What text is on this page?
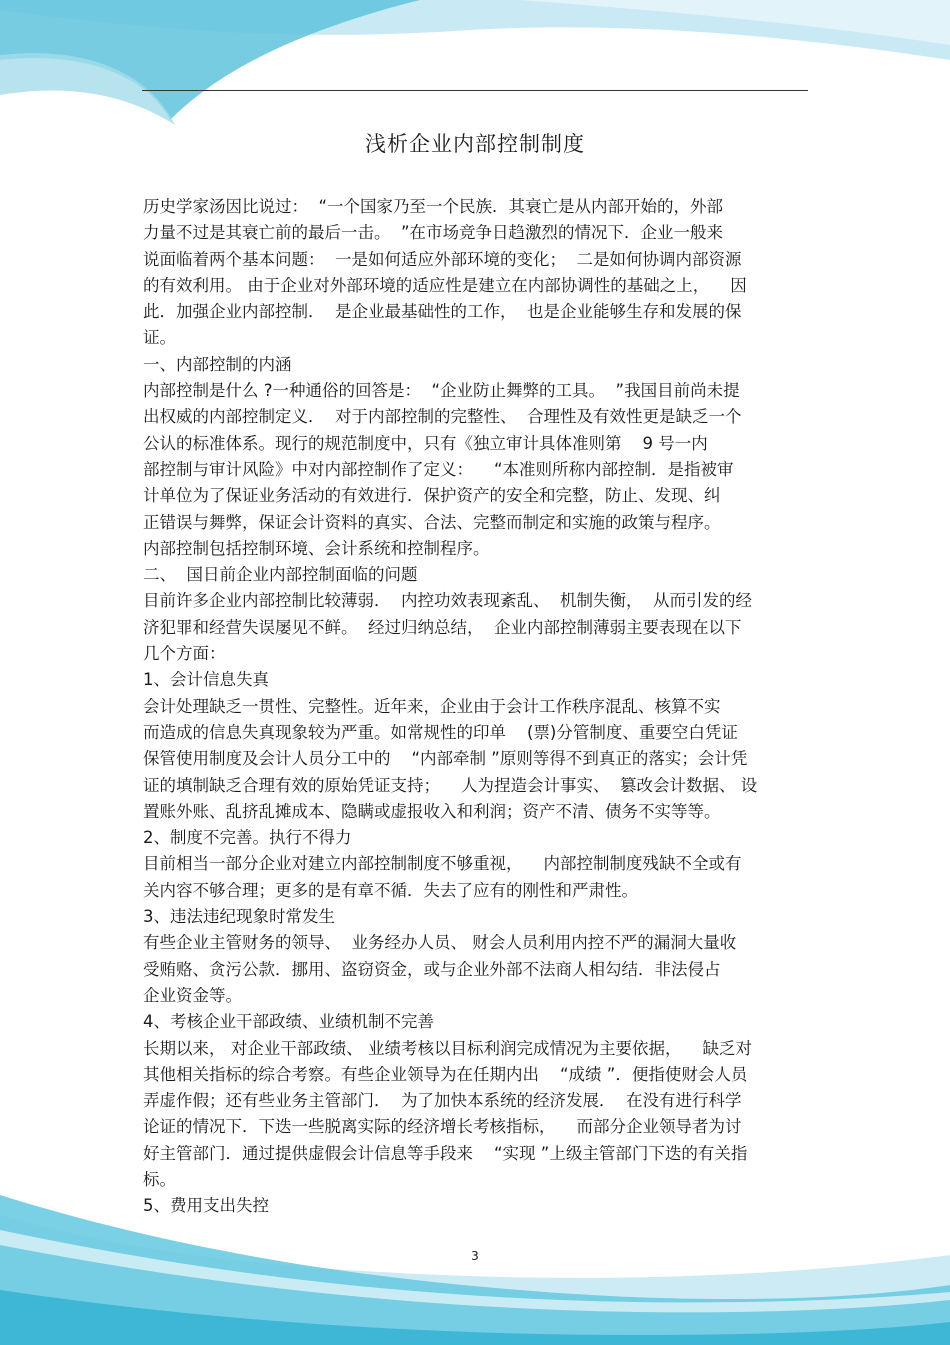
浅析企业内部控制制度
历史学家汤因比说过：  “一个国家乃至一个民族．其衰亡是从内部开始的，外部
力量不过是其衰亡前的最后一击。  ”在市场竞争日趋激烈的情况下．企业一般来
说面临着两个基本问题：  一是如何适应外部环境的变化；  二是如何协调内部资源
的有效利用。 由于企业对外部环境的适应性是建立在内部协调性的基础之上，    因
此．加强企业内部控制．  是企业最基础性的工作，  也是企业能够生存和发展的保
证。
一、内部控制的内涵
内部控制是什么 ?一种通俗的回答是：  “企业防止舞弊的工具。  ”我国目前尚未提
出权威的内部控制定义．  对于内部控制的完整性、  合理性及有效性更是缺乏一个
公认的标准体系。现行的规范制度中，只有《独立审计具体准则第    9 号一内
部控制与审计风险》中对内部控制作了定义：    “本准则所称内部控制．是指被审
计单位为了保证业务活动的有效进行．保护资产的安全和完整，防止、发现、纠
正错误与舞弊，保证会计资料的真实、合法、完整而制定和实施的政策与程序。
内部控制包括控制环境、会计系统和控制程序。
二、  国日前企业内部控制面临的问题
目前许多企业内部控制比较薄弱．  内控功效表现紊乱、  机制失衡，  从而引发的经
济犯罪和经营失误屡见不鲜。  经过归纳总结，  企业内部控制薄弱主要表现在以下
几个方面：
1、会计信息失真
会计处理缺乏一贯性、完整性。近年来，企业由于会计工作秩序混乱、核算不实
而造成的信息失真现象较为严重。如常规性的印单    (票)分管制度、重要空白凭证
保管使用制度及会计人员分工中的    “内部牵制 ”原则等得不到真正的落实；会计凭
证的填制缺乏合理有效的原始凭证支持；    人为捏造会计事实、  篡改会计数据、 设
置账外账、乱挤乱摊成本、隐瞒或虚报收入和利润；资产不清、债务不实等等。
2、制度不完善。执行不得力
目前相当一部分企业对建立内部控制制度不够重视，    内部控制制度残缺不全或有
关内容不够合理；更多的是有章不循．失去了应有的刚性和严肃性。
3、违法违纪现象时常发生
有些企业主管财务的领导、  业务经办人员、 财会人员利用内控不严的漏洞大量收
受贿赂、贪污公款．挪用、盗窃资金，或与企业外部不法商人相勾结．非法侵占
企业资金等。
4、考核企业干部政绩、业绩机制不完善
长期以来， 对企业干部政绩、 业绩考核以目标利润完成情况为主要依据，    缺乏对
其他相关指标的综合考察。有些企业领导为在任期内出    “成绩 ”．便指使财会人员
弄虚作假；还有些业务主管部门．  为了加快本系统的经济发展．  在没有进行科学
论证的情况下．下迭一些脱离实际的经济增长考核指标，    而部分企业领导者为讨
好主管部门．通过提供虚假会计信息等手段来    “实现 ”上级主管部门下迭的有关指
标。
5、费用支出失控
3
